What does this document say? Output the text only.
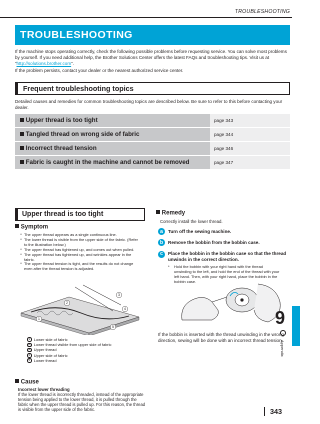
TROUBLESHOOTING
TROUBLESHOOTING
If the machine stops operating correctly, check the following possible problems before requesting service. You can solve most problems by yourself. If you need additional help, the Brother Solutions Center offers the latest FAQs and troubleshooting tips. Visit us at “http://solutions.brother.com”.
If the problem persists, contact your dealer or the nearest authorized service center.
Frequent troubleshooting topics
Detailed causes and remedies for common troubleshooting topics are described below. Be sure to refer to this before contacting your dealer.
Upper thread is too tight	page 343
Tangled thread on wrong side of fabric	page 344
Incorrect thread tension	page 346
Fabric is caught in the machine and cannot be removed	page 347
Upper thread is too tight
Symptom
* The upper thread appears as a single continuous line.
* The lower thread is visible from the upper side of the fabric. (Refer to the illustration below.)
* The upper thread has tightened up, and comes out when pulled.
* The upper thread has tightened up, and wrinkles appear in the fabric.
* The upper thread tension is tight, and the results do not change even after the thread tension is adjusted.
1
2
3
4
5
1 Lower side of fabric
2 Lower thread visible from upper side of fabric
3 Upper thread
4 Upper side of fabric
5 Lower thread
Cause
Incorrect lower threading
If the lower thread is incorrectly threaded, instead of the appropriate tension being applied to the lower thread, it is pulled through the fabric when the upper thread is pulled up. For this reason, the thread is visible from the upper side of the fabric.
Remedy
Correctly install the lower thread.
a	Turn off the sewing machine.
b	Remove the bobbin from the bobbin case.
c	Place the bobbin in the bobbin case so that the thread unwinds in the correct direction.
*	Hold the bobbin with your right hand with the thread unwinding to the left, and hold the end of the thread with your left hand. Then, with your right hand, place the bobbin in the bobbin case.
If the bobbin is inserted with the thread unwinding in the wrong direction, sewing will be done with an incorrect thread tension.
9
Appendix
343
